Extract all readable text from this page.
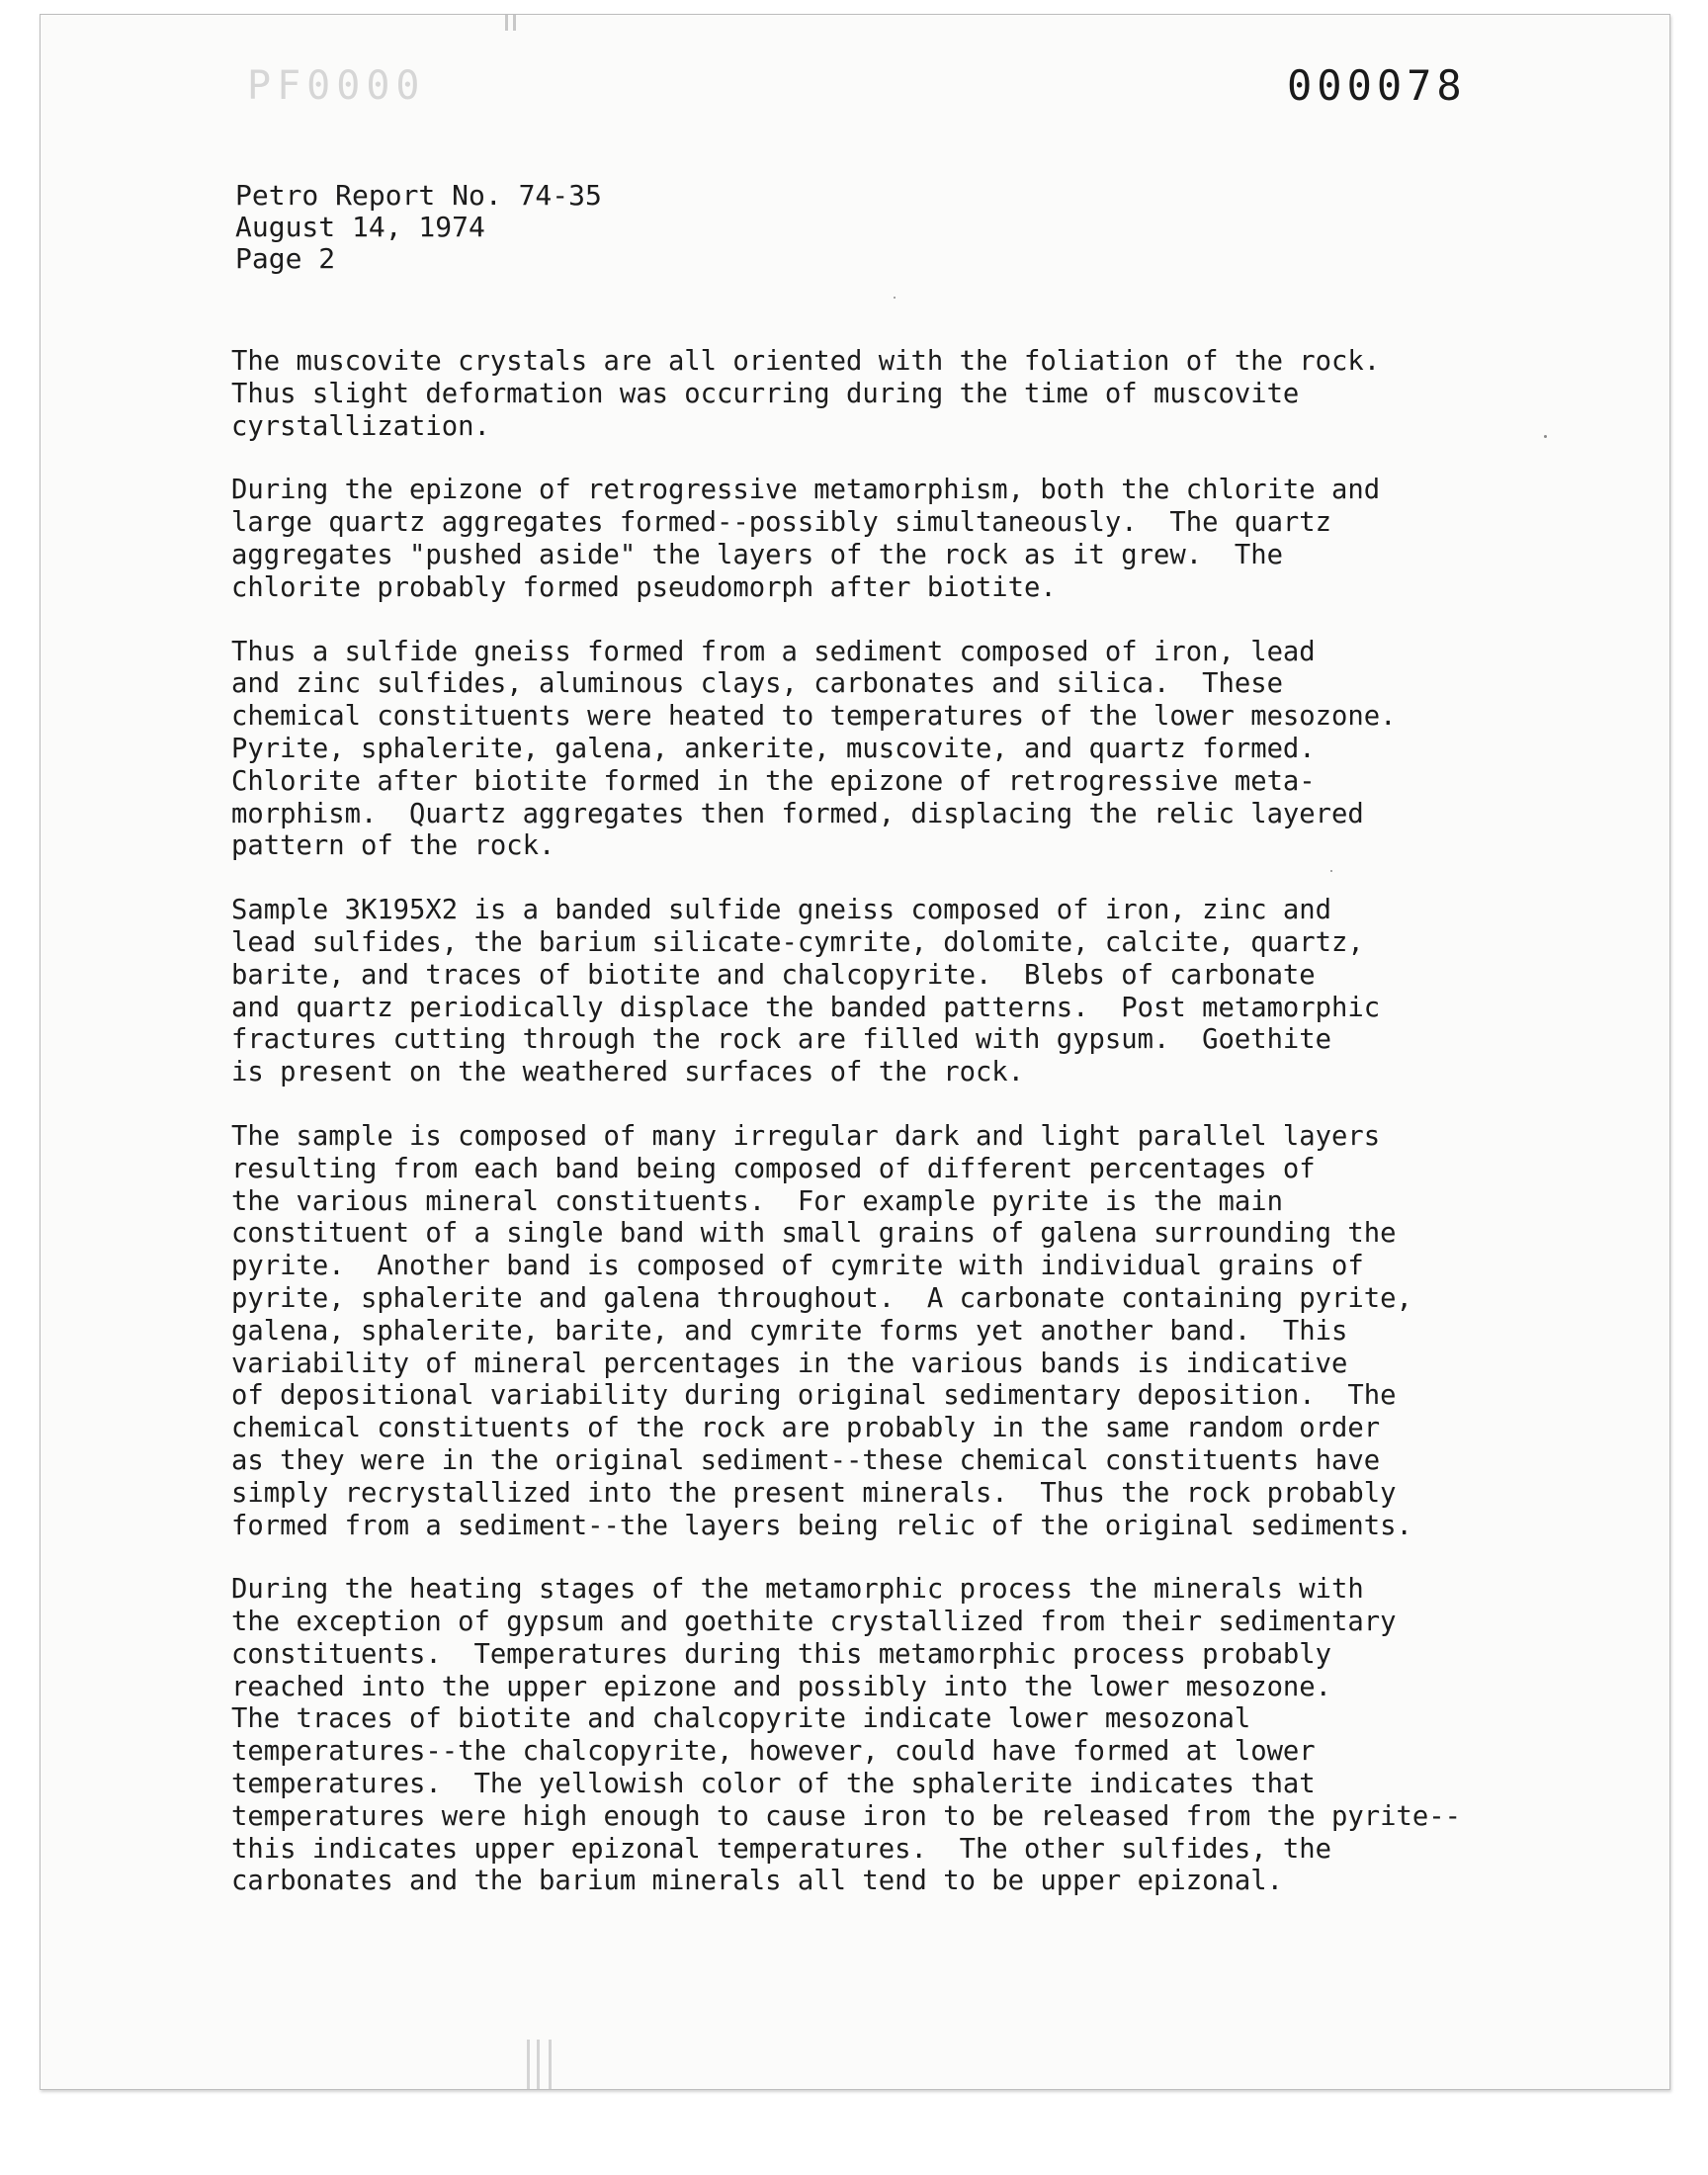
PF0000	000078
Petro Report No. 74-35
August 14, 1974
Page 2
The muscovite crystals are all oriented with the foliation of the rock.
Thus slight deformation was occurring during the time of muscovite
cyrstallization.
During the epizone of retrogressive metamorphism, both the chlorite and
large quartz aggregates formed--possibly simultaneously.  The quartz
aggregates "pushed aside" the layers of the rock as it grew.  The
chlorite probably formed pseudomorph after biotite.
Thus a sulfide gneiss formed from a sediment composed of iron, lead
and zinc sulfides, aluminous clays, carbonates and silica.  These
chemical constituents were heated to temperatures of the lower mesozone.
Pyrite, sphalerite, galena, ankerite, muscovite, and quartz formed.
Chlorite after biotite formed in the epizone of retrogressive meta-
morphism.  Quartz aggregates then formed, displacing the relic layered
pattern of the rock.
Sample 3K195X2 is a banded sulfide gneiss composed of iron, zinc and
lead sulfides, the barium silicate-cymrite, dolomite, calcite, quartz,
barite, and traces of biotite and chalcopyrite.  Blebs of carbonate
and quartz periodically displace the banded patterns.  Post metamorphic
fractures cutting through the rock are filled with gypsum.  Goethite
is present on the weathered surfaces of the rock.
The sample is composed of many irregular dark and light parallel layers
resulting from each band being composed of different percentages of
the various mineral constituents.  For example pyrite is the main
constituent of a single band with small grains of galena surrounding the
pyrite.  Another band is composed of cymrite with individual grains of
pyrite, sphalerite and galena throughout.  A carbonate containing pyrite,
galena, sphalerite, barite, and cymrite forms yet another band.  This
variability of mineral percentages in the various bands is indicative
of depositional variability during original sedimentary deposition.  The
chemical constituents of the rock are probably in the same random order
as they were in the original sediment--these chemical constituents have
simply recrystallized into the present minerals.  Thus the rock probably
formed from a sediment--the layers being relic of the original sediments.
During the heating stages of the metamorphic process the minerals with
the exception of gypsum and goethite crystallized from their sedimentary
constituents.  Temperatures during this metamorphic process probably
reached into the upper epizone and possibly into the lower mesozone.
The traces of biotite and chalcopyrite indicate lower mesozonal
temperatures--the chalcopyrite, however, could have formed at lower
temperatures.  The yellowish color of the sphalerite indicates that
temperatures were high enough to cause iron to be released from the pyrite--
this indicates upper epizonal temperatures.  The other sulfides, the
carbonates and the barium minerals all tend to be upper epizonal.
